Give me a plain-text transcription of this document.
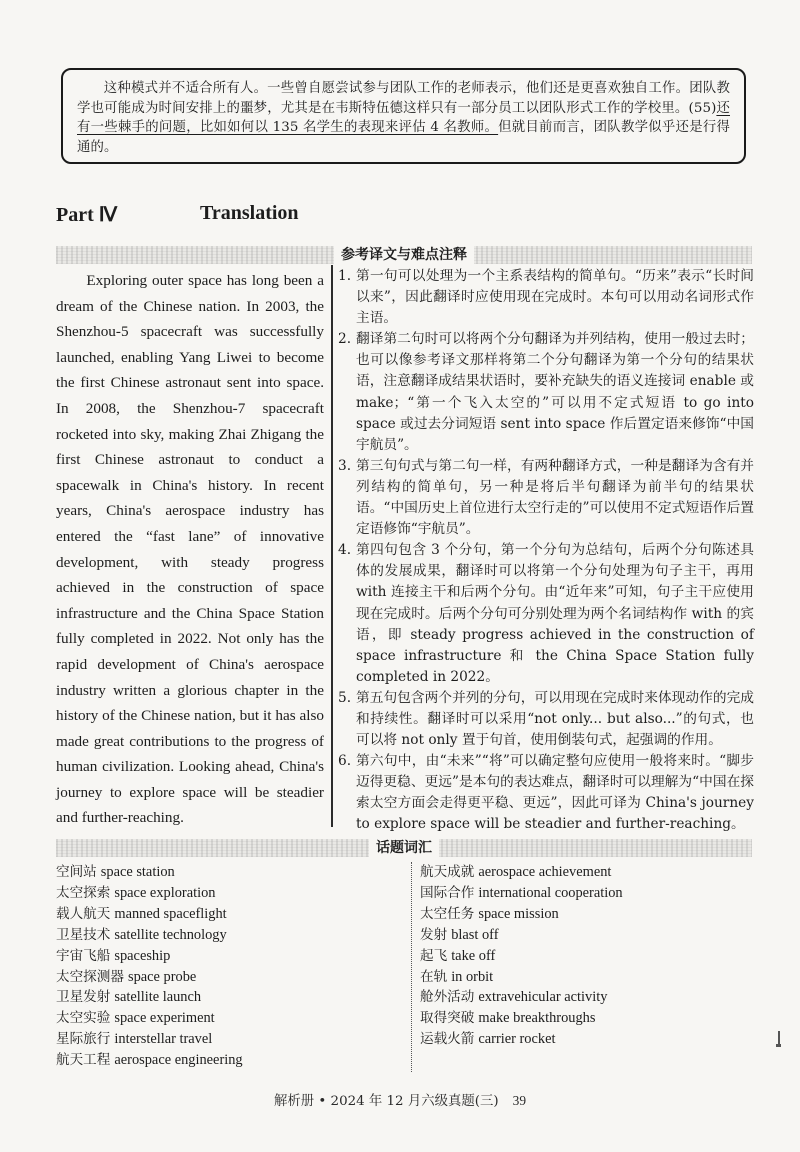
这种模式并不适合所有人。一些曾自愿尝试参与团队工作的老师表示，他们还是更喜欢独自工作。团队教学也可能成为时间安排上的噩梦，尤其是在韦斯特伍德这样只有一部分员工以团队形式工作的学校里。(55)还有一些棘手的问题，比如如何以 135 名学生的表现来评估 4 名教师。但就目前而言，团队教学似乎还是行得通的。

Part Ⅳ	Translation
参考译文与难点注释

Exploring outer space has long been a dream of the Chinese nation. In 2003, the Shenzhou-5 spacecraft was successfully launched, enabling Yang Liwei to become the first Chinese astronaut sent into space. In 2008, the Shenzhou-7 spacecraft rocketed into sky, making Zhai Zhigang the first Chinese astronaut to conduct a spacewalk in China's history. In recent years, China's aerospace industry has entered the “fast lane” of innovative development, with steady progress achieved in the construction of space infrastructure and the China Space Station fully completed in 2022. Not only has the rapid development of China's aerospace industry written a glorious chapter in the history of the Chinese nation, but it has also made great contributions to the progress of human civilization. Looking ahead, China's journey to explore space will be steadier and further-reaching.

1. 第一句可以处理为一个主系表结构的简单句。“历来”表示“长时间以来”，因此翻译时应使用现在完成时。本句可以用动名词形式作主语。
2. 翻译第二句时可以将两个分句翻译为并列结构，使用一般过去时；也可以像参考译文那样将第二个分句翻译为第一个分句的结果状语，注意翻译成结果状语时，要补充缺失的语义连接词 enable 或 make；“第一个飞入太空的”可以用不定式短语 to go into space 或过去分词短语 sent into space 作后置定语来修饰“中国宇航员”。
3. 第三句句式与第二句一样，有两种翻译方式，一种是翻译为含有并列结构的简单句，另一种是将后半句翻译为前半句的结果状语。“中国历史上首位进行太空行走的”可以使用不定式短语作后置定语修饰“宇航员”。
4. 第四句包含 3 个分句，第一个分句为总结句，后两个分句陈述具体的发展成果，翻译时可以将第一个分句处理为句子主干，再用 with 连接主干和后两个分句。由“近年来”可知，句子主干应使用现在完成时。后两个分句可分别处理为两个名词结构作 with 的宾语，即 steady progress achieved in the construction of space infrastructure 和 the China Space Station fully completed in 2022。
5. 第五句包含两个并列的分句，可以用现在完成时来体现动作的完成和持续性。翻译时可以采用“not only... but also...”的句式，也可以将 not only 置于句首，使用倒装句式，起强调的作用。
6. 第六句中，由“未来”“将”可以确定整句应使用一般将来时。“脚步迈得更稳、更远”是本句的表达难点，翻译时可以理解为“中国在探索太空方面会走得更平稳、更远”，因此可译为 China's journey to explore space will be steadier and further-reaching。
话题词汇
空间站 space station
太空探索 space exploration
载人航天 manned spaceflight
卫星技术 satellite technology
宇宙飞船 spaceship
太空探测器 space probe
卫星发射 satellite launch
太空实验 space experiment
星际旅行 interstellar travel
航天工程 aerospace engineering
航天成就 aerospace achievement
国际合作 international cooperation
太空任务 space mission
发射 blast off
起飞 take off
在轨 in orbit
舱外活动 extravehicular activity
取得突破 make breakthroughs
运载火箭 carrier rocket
解析册 • 2024 年 12 月六级真题(三) 39
